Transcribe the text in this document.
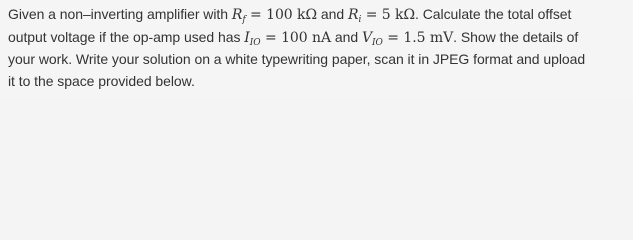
Given a non–inverting amplifier with $R_f = 100$ kΩ and $R_i = 5$ kΩ. Calculate the total offset

output voltage if the op-amp used has $I_{IO} = 100$ nA and $V_{IO} = 1.5$ mV. Show the details of

your work. Write your solution on a white typewriting paper, scan it in JPEG format and upload

it to the space provided below.
